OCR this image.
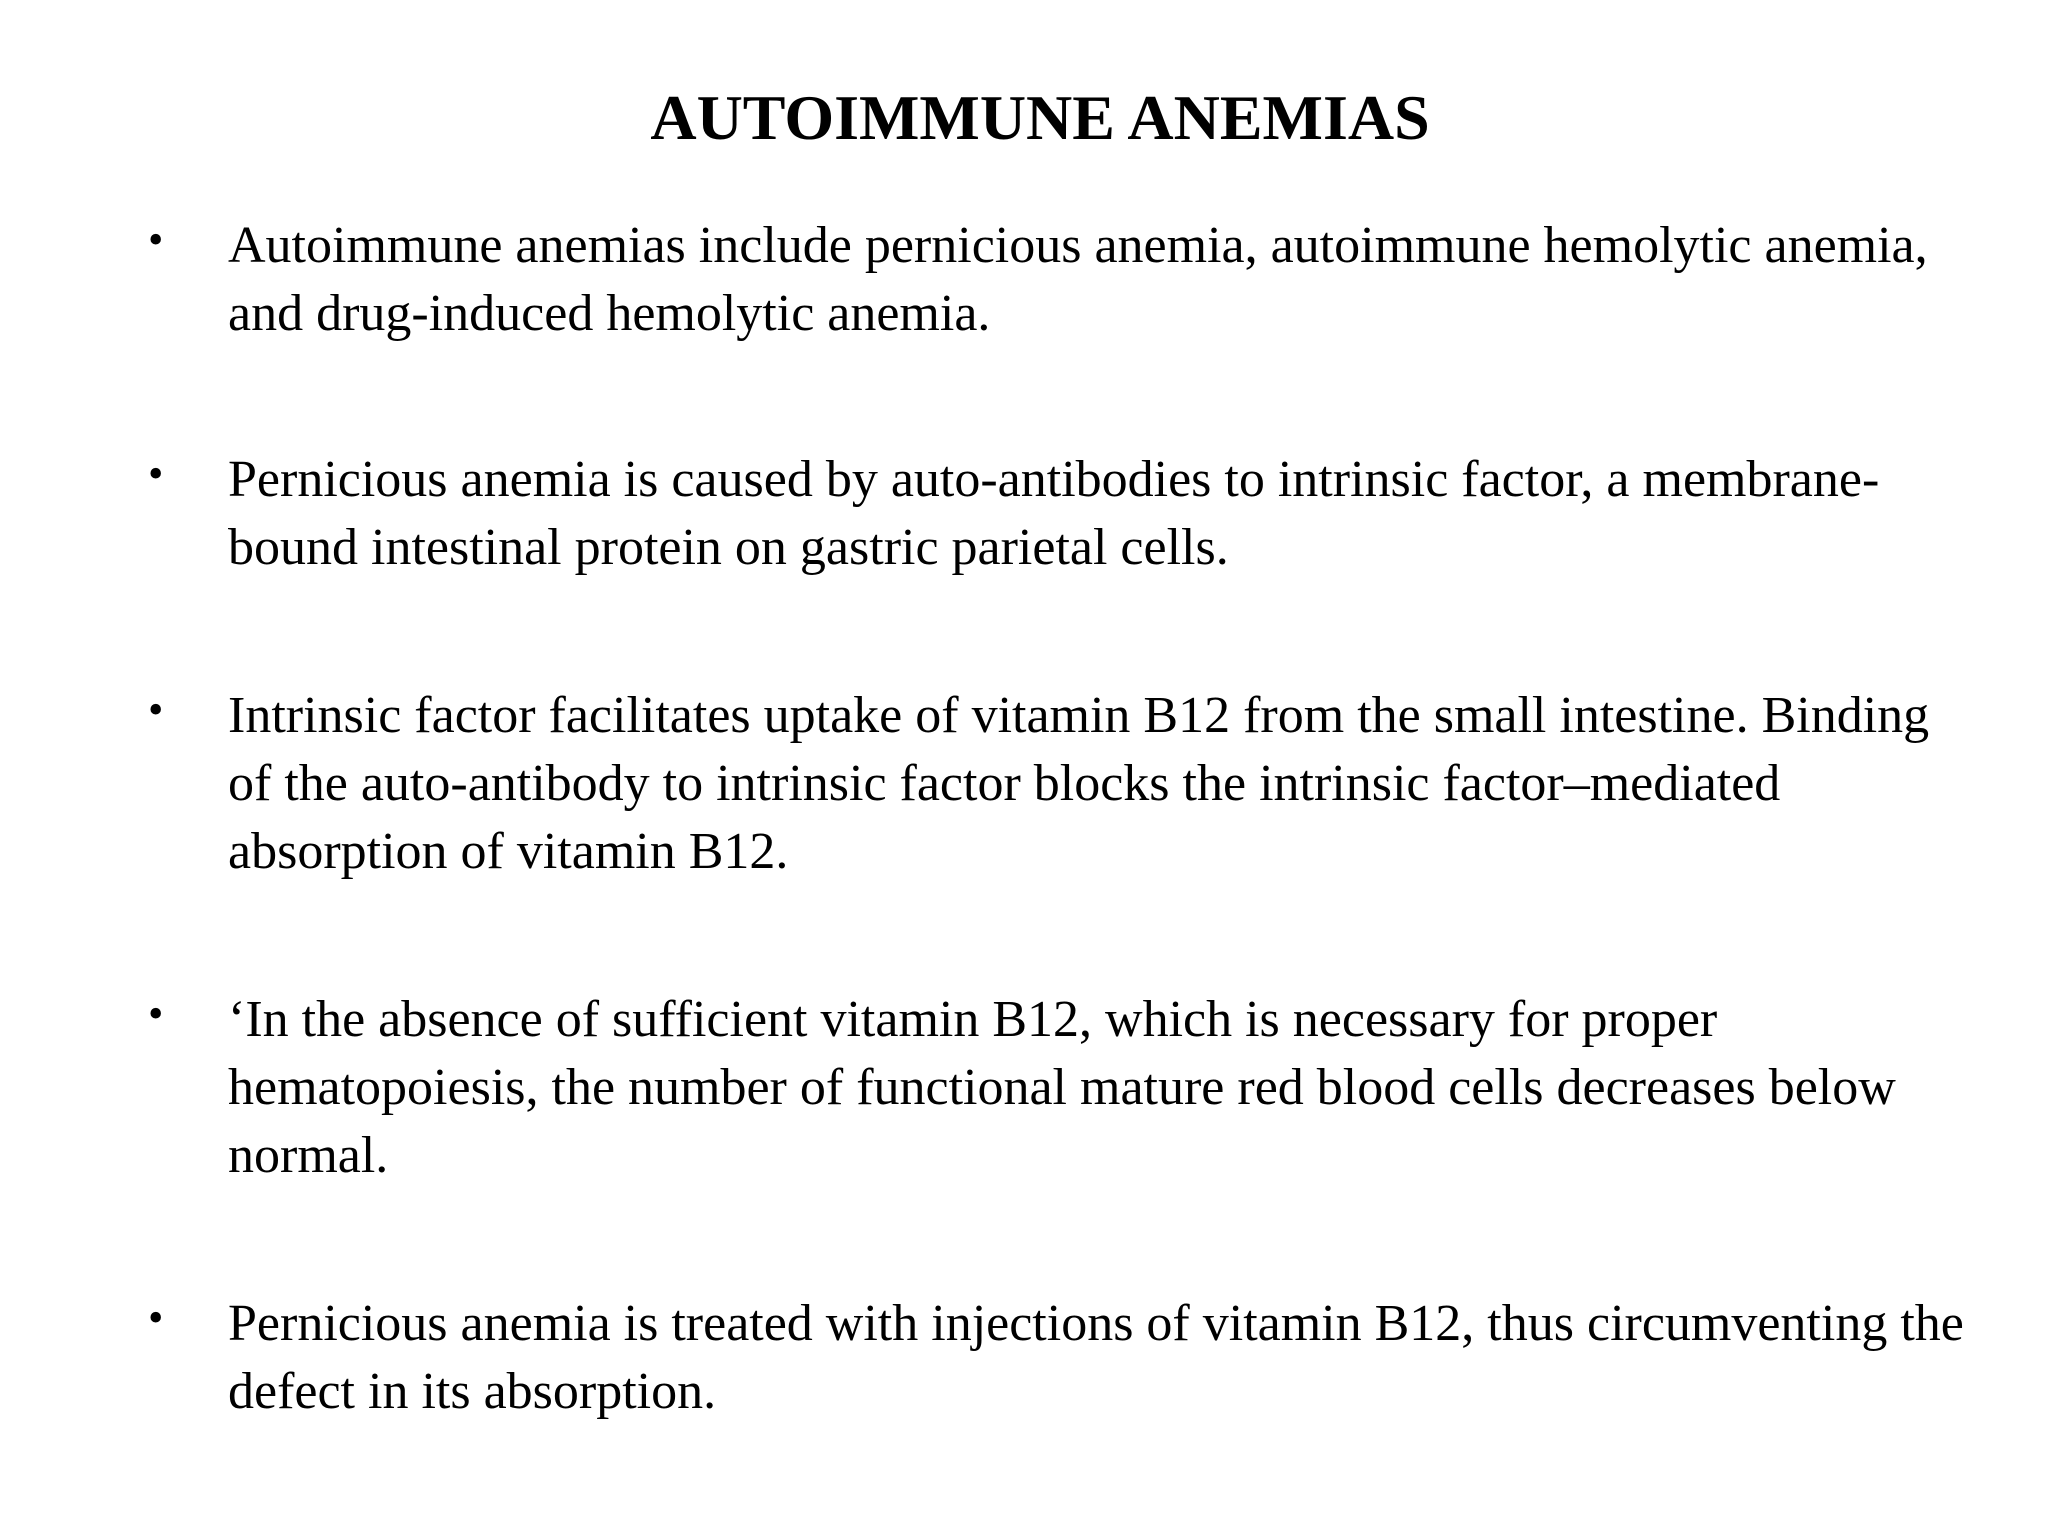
AUTOIMMUNE ANEMIAS
•	Autoimmune anemias include pernicious anemia, autoimmune hemolytic anemia, and drug-induced hemolytic anemia.
•	Pernicious anemia is caused by auto-antibodies to intrinsic factor, a membrane-bound intestinal protein on gastric parietal cells.
•	Intrinsic factor facilitates uptake of vitamin B12 from the small intestine. Binding of the auto-antibody to intrinsic factor blocks the intrinsic factor–mediated absorption of vitamin B12.
•	‘In the absence of sufficient vitamin B12, which is necessary for proper hematopoiesis, the number of functional mature red blood cells decreases below normal.
•	Pernicious anemia is treated with injections of vitamin B12, thus circumventing the defect in its absorption.
